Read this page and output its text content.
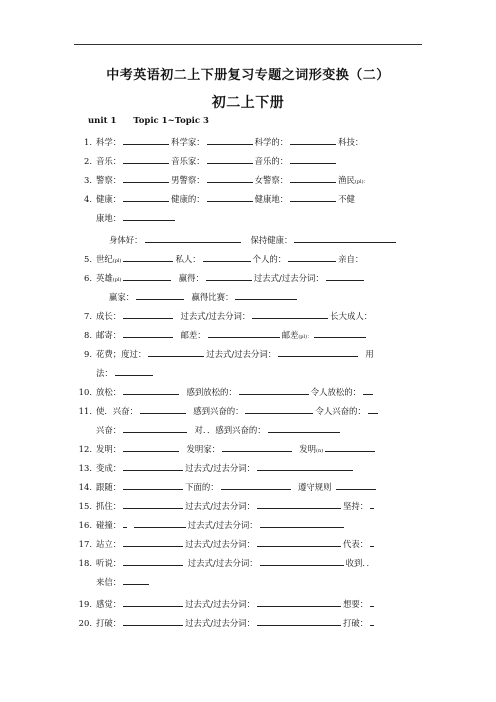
中考英语初二上下册复习专题之词形变换（二）
初二上下册
unit 1 Topic 1~Topic 3
1. 科学：	科学家：	科学的：	科技：
2. 音乐：	音乐家：	音乐的：
3. 警察：	男警察：	女警察：	渔民(pl)：
4. 健康：	健康的：	健康地：	不健
康地：
身体好：	保持健康：
5. 世纪(pl)	私人：	个人的：	亲自：
6. 英雄(pl)	赢得：	过去式/过去分词：
赢家：	赢得比赛：
7. 成长：	过去式/过去分词：	长大成人：
8. 邮寄：	邮差：	邮差(pl)：
9. 花费；度过：	过去式/过去分词：	用
法：
10. 放松：	感到放松的：	令人放松的：
11. 使．兴奋：	感到兴奋的：	令人兴奋的：
兴奋：	对．．感到兴奋的：
12. 发明：	发明家：	发明(n)
13. 变成：	过去式/过去分词：
14. 跟随：	下面的：	遵守规则
15. 抓住：	过去式/过去分词：	坚持：
16. 碰撞：	过去式/过去分词：
17. 站立：	过去式/过去分词：	代表：
18. 听说：	过去式/过去分词：	收到．．
来信：
19. 感觉：	过去式/过去分词：	想要：
20. 打破：	过去式/过去分词：	打破：
